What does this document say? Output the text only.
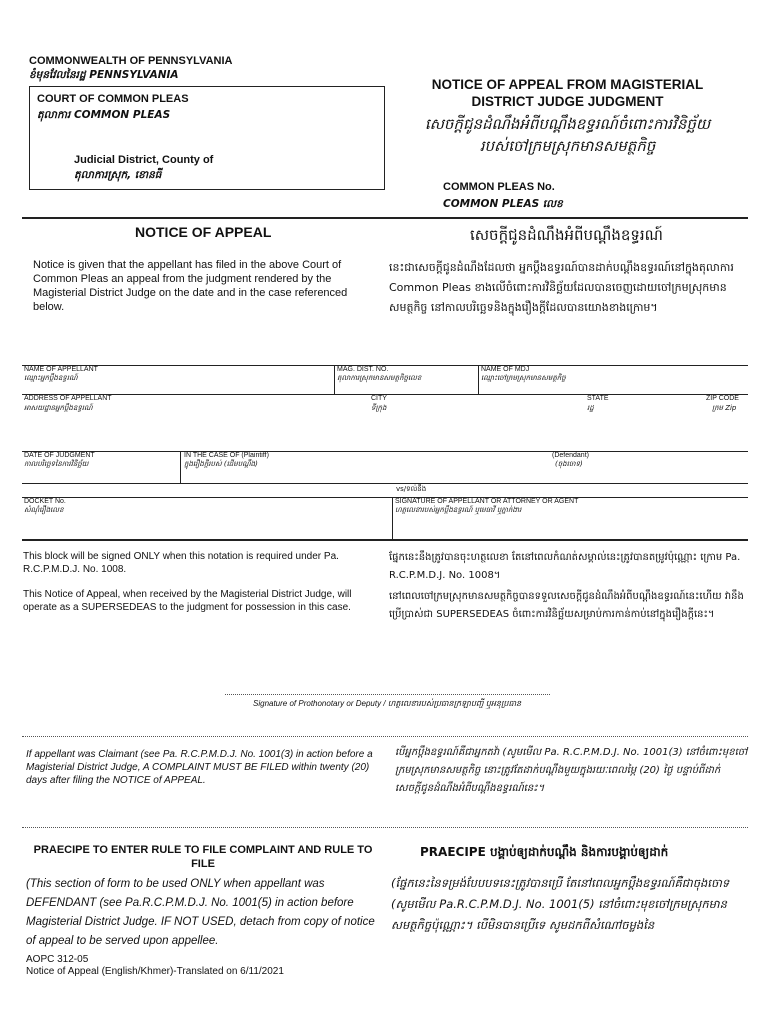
COMMONWEALTH OF PENNSYLVANIA
ខំមុនវែលនៃរដ្ឋ PENNSYLVANIA
COURT OF COMMON PLEAS
តុលាការ COMMON PLEAS
Judicial District, County of
តុលាការស្រុក, ខោនធី
NOTICE OF APPEAL FROM MAGISTERIAL
DISTRICT JUDGE JUDGMENT
សេចក្តីជូនដំណឹងអំពីបណ្តឹងឧទ្ធរណ៍ចំពោះការវិនិច្ឆ័យ
របស់ចៅក្រមស្រុកមានសមត្ថកិច្ច
COMMON PLEAS No.
COMMON PLEAS លេខ
NOTICE OF APPEAL	សេចក្តីជូនដំណឹងអំពីបណ្តឹងឧទ្ធរណ៍
Notice is given that the appellant has filed in the above Court of Common Pleas an appeal from the judgment rendered by the Magisterial District Judge on the date and in the case referenced below.
នេះជាសេចក្តីជូនដំណឹងដែលថា អ្នកប្តឹងឧទ្ធរណ៍បានដាក់បណ្តឹងឧទ្ធរណ៍នៅក្នុងតុលាការ Common Pleas ខាងលើចំពោះការវិនិច្ឆ័យដែលបានចេញដោយចៅក្រមស្រុកមានសមត្ថកិច្ច នៅកាលបរិច្ឆេទនិងក្នុងរឿងក្តីដែលបានយោងខាងក្រោម។
NAME OF APPELLANT
ឈ្មោះអ្នកប្តឹងឧទ្ធរណ៍
MAG. DIST. NO.
តុលាការស្រុកមានសមត្ថកិច្ចលេខ
NAME OF MDJ
ឈ្មោះចៅក្រមស្រុកមានសមត្ថកិច្ច
ADDRESS OF APPELLANT
អាសយដ្ឋានអ្នកប្តឹងឧទ្ធរណ៍
CITY
ទីក្រុង
STATE
រដ្ឋ
ZIP CODE
ក្រម Zip
DATE OF JUDGMENT
កាលបរិច្ឆេទនៃការវិនិច្ឆ័យ
IN THE CASE OF (Plaintiff)
ក្នុងរឿងក្តីរបស់ (ដើមបណ្តឹង)
(Defendant)
(ចុងចោទ)
vs/ទល់នឹង
DOCKET No.
សំណុំរឿងលេខ
SIGNATURE OF APPELLANT OR ATTORNEY OR AGENT
ហត្ថលេខារបស់អ្នកប្តឹងឧទ្ធរណ៍ ឬមេធាវី ឬភ្នាក់ងារ
This block will be signed ONLY when this notation is required under Pa. R.C.P.M.D.J. No. 1008.
ផ្នែកនេះនឹងត្រូវបានចុះហត្ថលេខា តែនៅពេលកំណត់សម្គាល់នេះត្រូវបានតម្រូវប៉ុណ្ណោះ ក្រោម Pa. R.C.P.M.D.J. No. 1008។
This Notice of Appeal, when received by the Magisterial District Judge, will operate as a SUPERSEDEAS to the judgment for possession in this case.
នៅពេលចៅក្រមស្រុកមានសមត្ថកិច្ចបានទទួលសេចក្តីជូនដំណឹងអំពីបណ្តឹងឧទ្ធរណ៍នេះហើយ វានឹងប្រើប្រាស់ជា SUPERSEDEAS ចំពោះការវិនិច្ឆ័យសម្រាប់ការកាន់កាប់នៅក្នុងរឿងក្តីនេះ។
Signature of Prothonotary or Deputy / ហត្ថលេខារបស់ប្រធានក្រឡាបញ្ជី ឬអនុប្រធាន
If appellant was Claimant (see Pa. R.C.P.M.D.J. No. 1001(3) in action before a Magisterial District Judge, A COMPLAINT MUST BE FILED within twenty (20) days after filing the NOTICE of APPEAL.
បើអ្នកប្តឹងឧទ្ធរណ៍គឺជាអ្នកតវ៉ា (សូមមើល Pa. R.C.P.M.D.J. No. 1001(3) នៅចំពោះមុខចៅក្រមស្រុកមានសមត្ថកិច្ច នោះត្រូវតែដាក់បណ្តឹងមួយក្នុងរយៈពេលម្ភៃ (20) ថ្ងៃ បន្ទាប់ពីដាក់សេចក្តីជូនដំណឹងអំពីបណ្តឹងឧទ្ធរណ៍នេះ។
PRAECIPE TO ENTER RULE TO FILE COMPLAINT AND RULE TO FILE
PRAECIPE បង្គាប់ឲ្យដាក់បណ្តឹង និងការបង្គាប់ឲ្យដាក់
(This section of form to be used ONLY when appellant was DEFENDANT (see Pa.R.C.P.M.D.J. No. 1001(5) in action before Magisterial District Judge. IF NOT USED, detach from copy of notice of appeal to be served upon appellee.
(ផ្នែកនេះនៃទម្រង់បែបបទនេះត្រូវបានប្រើ តែនៅពេលអ្នកប្តឹងឧទ្ធរណ៍គឺជាចុងចោទ (សូមមើល Pa.R.C.P.M.D.J. No. 1001(5) នៅចំពោះមុខចៅក្រមស្រុកមានសមត្ថកិច្ចប៉ុណ្ណោះ។ បើមិនបានប្រើទេ សូមដកពីសំណៅចម្លងនៃ
AOPC 312-05
Notice of Appeal (English/Khmer)-Translated on 6/11/2021
